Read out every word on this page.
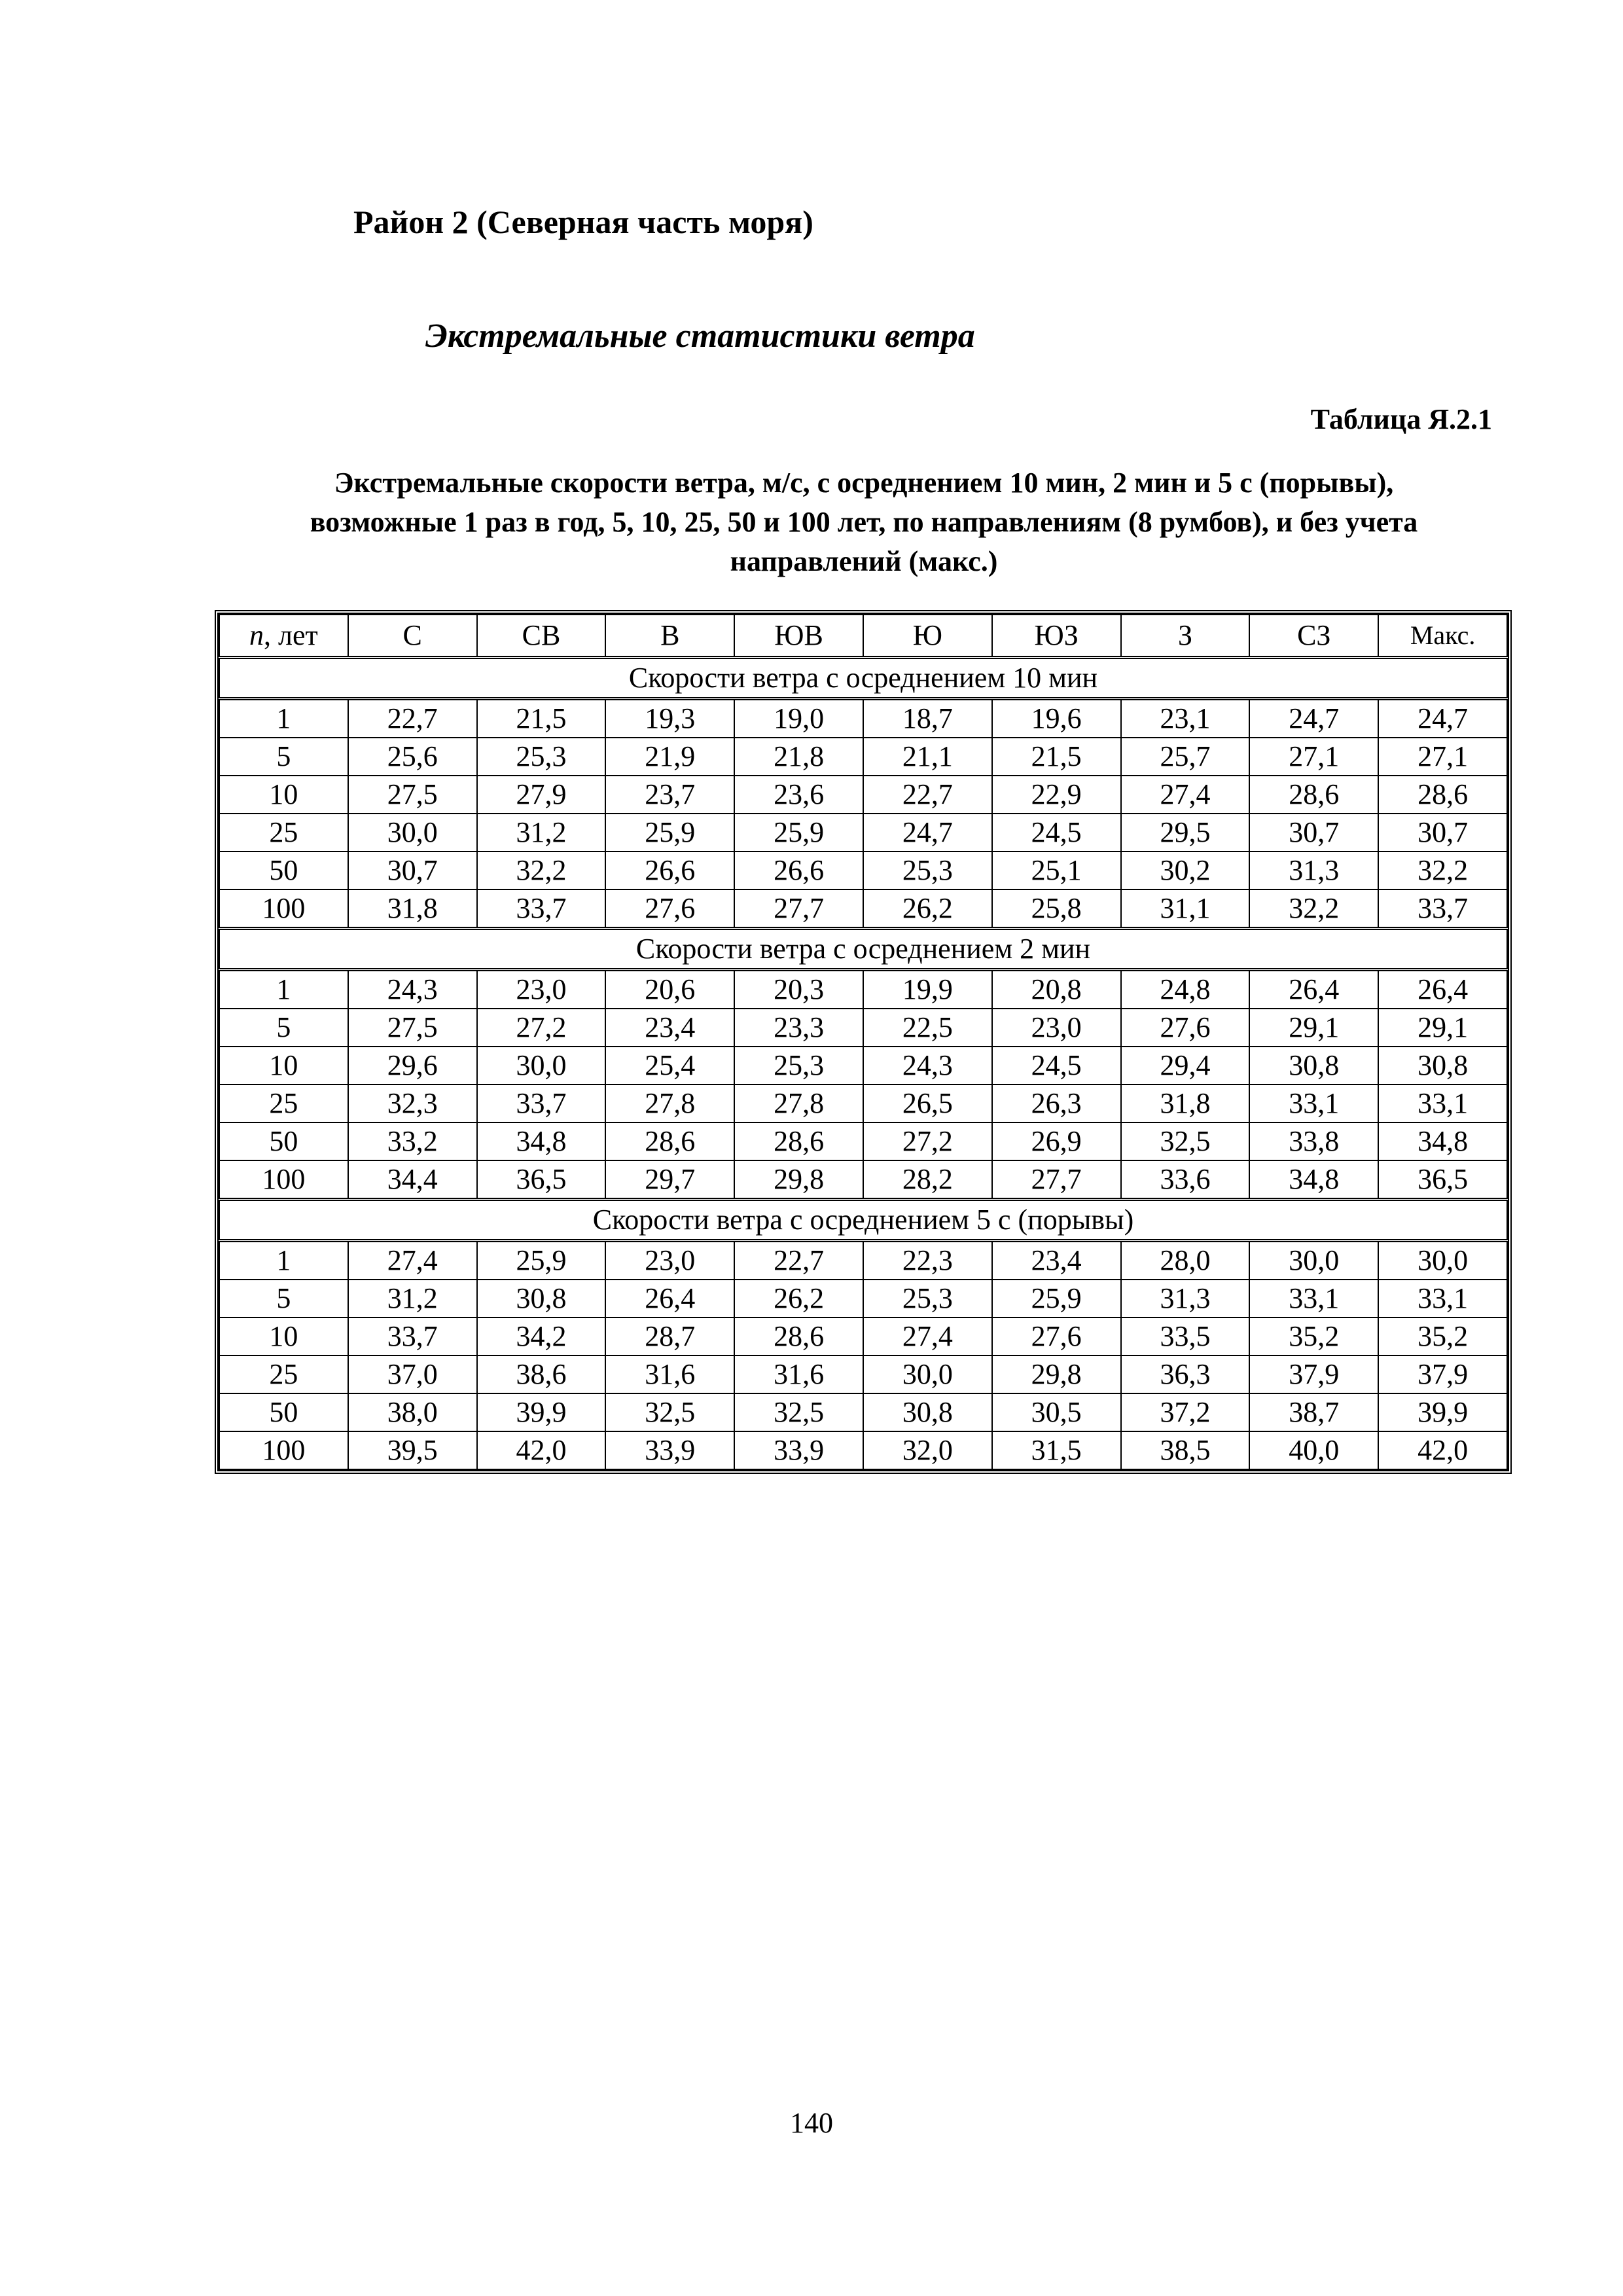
Район 2 (Северная часть моря)
Экстремальные статистики ветра
Таблица Я.2.1
Экстремальные скорости ветра, м/с, с осреднением 10 мин, 2 мин и 5 с (порывы),
возможные 1 раз в год, 5, 10, 25, 50 и 100 лет, по направлениям (8 румбов), и без учета
направлений (макс.)
n, лет	С	СВ	В	ЮВ	Ю	ЮЗ	З	СЗ	Макс.
Скорости ветра с осреднением 10 мин									
1	22,7	21,5	19,3	19,0	18,7	19,6	23,1	24,7	24,7
5	25,6	25,3	21,9	21,8	21,1	21,5	25,7	27,1	27,1
10	27,5	27,9	23,7	23,6	22,7	22,9	27,4	28,6	28,6
25	30,0	31,2	25,9	25,9	24,7	24,5	29,5	30,7	30,7
50	30,7	32,2	26,6	26,6	25,3	25,1	30,2	31,3	32,2
100	31,8	33,7	27,6	27,7	26,2	25,8	31,1	32,2	33,7
Скорости ветра с осреднением 2 мин									
1	24,3	23,0	20,6	20,3	19,9	20,8	24,8	26,4	26,4
5	27,5	27,2	23,4	23,3	22,5	23,0	27,6	29,1	29,1
10	29,6	30,0	25,4	25,3	24,3	24,5	29,4	30,8	30,8
25	32,3	33,7	27,8	27,8	26,5	26,3	31,8	33,1	33,1
50	33,2	34,8	28,6	28,6	27,2	26,9	32,5	33,8	34,8
100	34,4	36,5	29,7	29,8	28,2	27,7	33,6	34,8	36,5
Скорости ветра с осреднением 5 с (порывы)									
1	27,4	25,9	23,0	22,7	22,3	23,4	28,0	30,0	30,0
5	31,2	30,8	26,4	26,2	25,3	25,9	31,3	33,1	33,1
10	33,7	34,2	28,7	28,6	27,4	27,6	33,5	35,2	35,2
25	37,0	38,6	31,6	31,6	30,0	29,8	36,3	37,9	37,9
50	38,0	39,9	32,5	32,5	30,8	30,5	37,2	38,7	39,9
100	39,5	42,0	33,9	33,9	32,0	31,5	38,5	40,0	42,0
140
